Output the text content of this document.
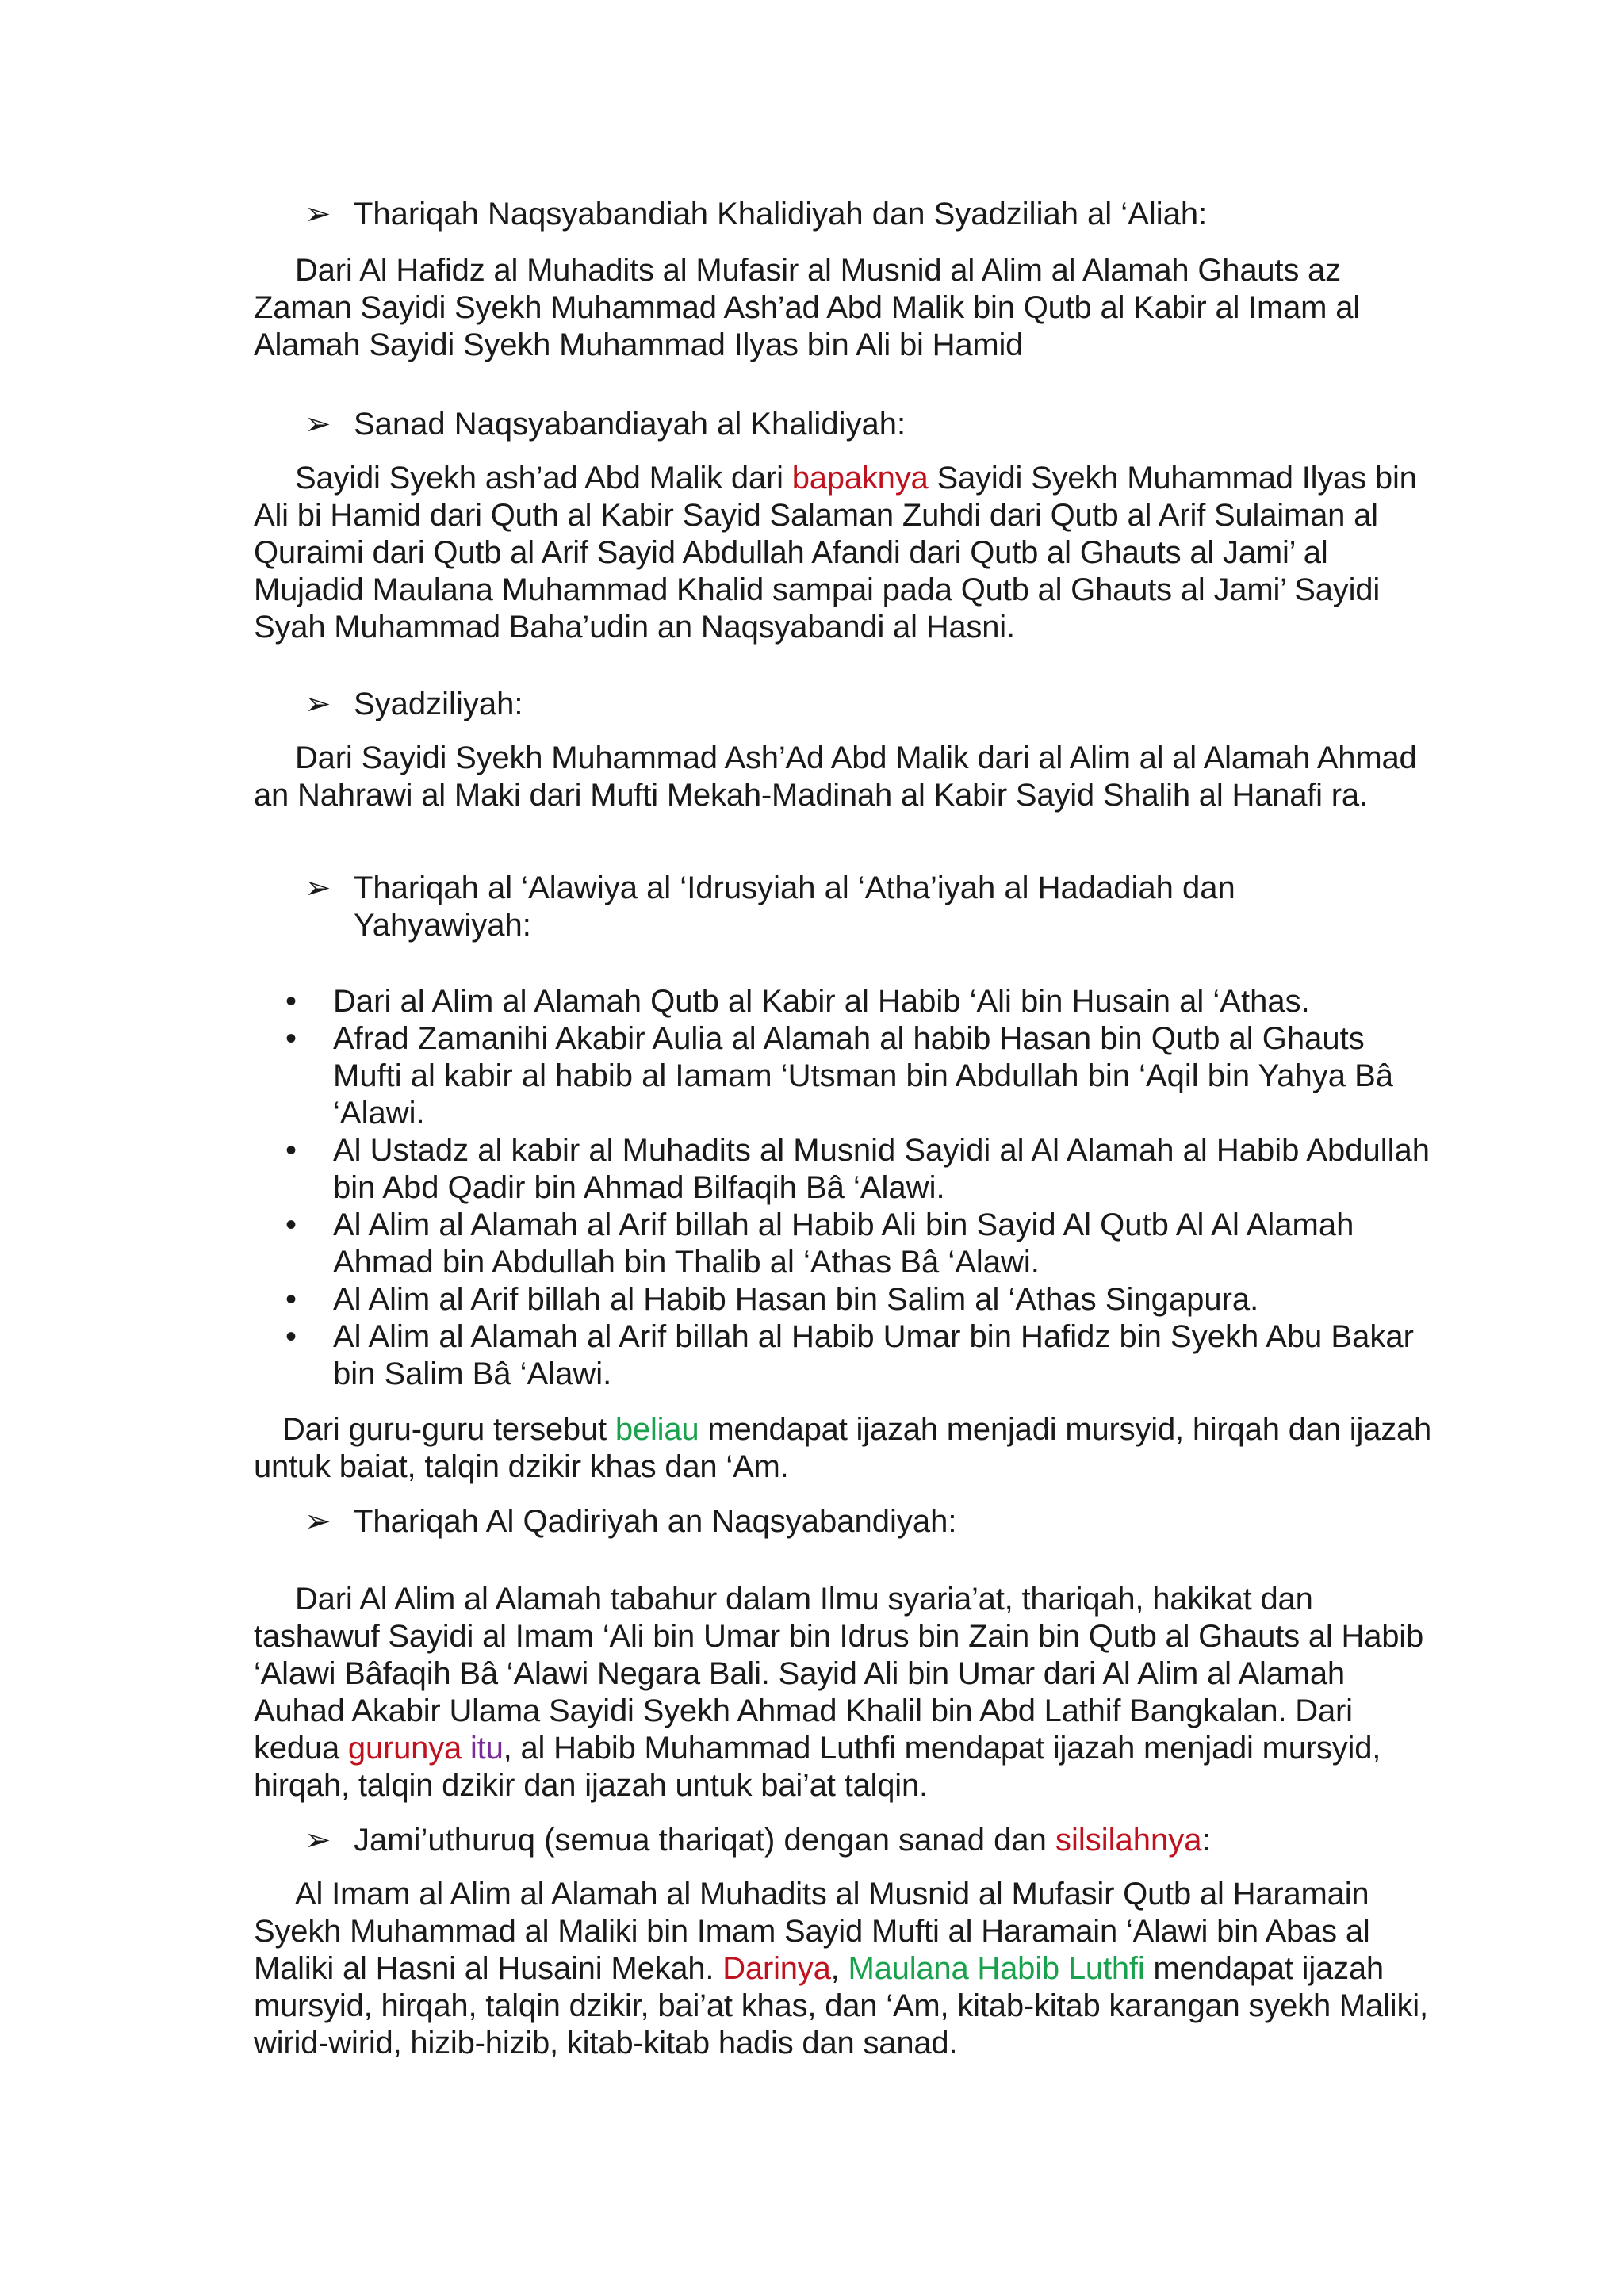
➢ Thariqah Naqsyabandiah Khalidiyah dan Syadziliah al ‘Aliah:
Dari Al Hafidz al Muhadits al Mufasir al Musnid al Alim al Alamah Ghauts az Zaman Sayidi Syekh Muhammad Ash’ad Abd Malik bin Qutb al Kabir al Imam al Alamah Sayidi Syekh Muhammad Ilyas bin Ali bi Hamid
➢ Sanad Naqsyabandiayah al Khalidiyah:
Sayidi Syekh ash’ad Abd Malik dari bapaknya Sayidi Syekh Muhammad Ilyas bin Ali bi Hamid dari Quth al Kabir Sayid Salaman Zuhdi dari Qutb al Arif Sulaiman al Quraimi dari Qutb al Arif Sayid Abdullah Afandi dari Qutb al Ghauts al Jami’ al Mujadid Maulana Muhammad Khalid sampai pada Qutb al Ghauts al Jami’ Sayidi Syah Muhammad Baha’udin an Naqsyabandi al Hasni.
➢ Syadziliyah:
Dari Sayidi Syekh Muhammad Ash’Ad Abd Malik dari al Alim al al Alamah Ahmad an Nahrawi al Maki dari Mufti Mekah-Madinah al Kabir Sayid Shalih al Hanafi ra.
➢ Thariqah al ‘Alawiya al ‘Idrusyiah al ‘Atha’iyah al Hadadiah dan Yahyawiyah:
• Dari al Alim al Alamah Qutb al Kabir al Habib ‘Ali bin Husain al ‘Athas.
• Afrad Zamanihi Akabir Aulia al Alamah al habib Hasan bin Qutb al Ghauts Mufti al kabir al habib al Iamam ‘Utsman bin Abdullah bin ‘Aqil bin Yahya Bâ ‘Alawi.
• Al Ustadz al kabir al Muhadits al Musnid Sayidi al Al Alamah al Habib Abdullah bin Abd Qadir bin Ahmad Bilfaqih Bâ ‘Alawi.
• Al Alim al Alamah al Arif billah al Habib Ali bin Sayid Al Qutb Al Al Alamah Ahmad bin Abdullah bin Thalib al ‘Athas Bâ ‘Alawi.
• Al Alim al Arif billah al Habib Hasan bin Salim al ‘Athas Singapura.
• Al Alim al Alamah al Arif billah al Habib Umar bin Hafidz bin Syekh Abu Bakar bin Salim Bâ ‘Alawi.
Dari guru-guru tersebut beliau mendapat ijazah menjadi mursyid, hirqah dan ijazah untuk baiat, talqin dzikir khas dan ‘Am.
➢ Thariqah Al Qadiriyah an Naqsyabandiyah:
Dari Al Alim al Alamah tabahur dalam Ilmu syaria’at, thariqah, hakikat dan tashawuf Sayidi al Imam ‘Ali bin Umar bin Idrus bin Zain bin Qutb al Ghauts al Habib ‘Alawi Bâfaqih Bâ ‘Alawi Negara Bali. Sayid Ali bin Umar dari Al Alim al Alamah Auhad Akabir Ulama Sayidi Syekh Ahmad Khalil bin Abd Lathif Bangkalan. Dari kedua gurunya itu, al Habib Muhammad Luthfi mendapat ijazah menjadi mursyid, hirqah, talqin dzikir dan ijazah untuk bai’at talqin.
➢ Jami’uthuruq (semua thariqat) dengan sanad dan silsilahnya:
Al Imam al Alim al Alamah al Muhadits al Musnid al Mufasir Qutb al Haramain Syekh Muhammad al Maliki bin Imam Sayid Mufti al Haramain ‘Alawi bin Abas al Maliki al Hasni al Husaini Mekah. Darinya, Maulana Habib Luthfi mendapat ijazah mursyid, hirqah, talqin dzikir, bai’at khas, dan ‘Am, kitab-kitab karangan syekh Maliki, wirid-wirid, hizib-hizib, kitab-kitab hadis dan sanad.
